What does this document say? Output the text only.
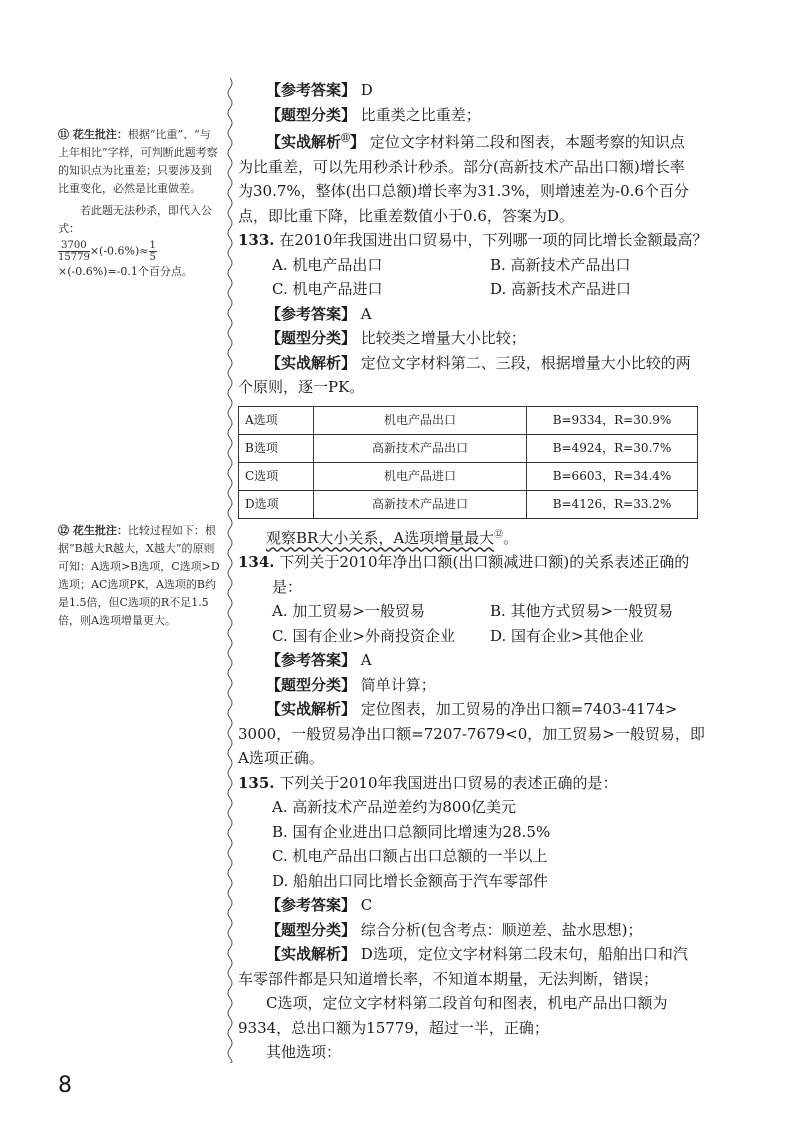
⑪ 花生批注：根据“比重”、“与上年相比”字样，可判断此题考察的知识点为比重差；只要涉及到比重变化，必然是比重做差。

若此题无法秒杀，即代入公式：

$\frac{3700}{15779} \times(-0.6\%)\approx \frac{1}{5}$

×(-0.6%)=-0.1个百分点。

⑫ 花生批注：比较过程如下：根据“B越大R越大，X越大”的原则可知：A选项>B选项，C选项>D选项；AC选项PK，A选项的B约是1.5倍，但C选项的R不足1.5倍，则A选项增量更大。

【参考答案】 D

【题型分类】 比重类之比重差；

【实战解析⑪】 定位文字材料第二段和图表，本题考察的知识点

为比重差，可以先用秒杀计秒杀。部分(高新技术产品出口额)增长率

为30.7%，整体(出口总额)增长率为31.3%，则增速差为-0.6个百分

点，即比重下降，比重差数值小于0.6，答案为D。

133. 在2010年我国进出口贸易中，下列哪一项的同比增长金额最高？

A. 机电产品出口	B. 高新技术产品出口

C. 机电产品进口	D. 高新技术产品进口

【参考答案】 A

【题型分类】 比较类之增量大小比较；

【实战解析】 定位文字材料第二、三段，根据增量大小比较的两

个原则，逐一PK。

A选项	机电产品出口	B=9334，R=30.9%
B选项	高新技术产品出口	B=4924，R=30.7%
C选项	机电产品进口	B=6603，R=34.4%
D选项	高新技术产品进口	B=4126，R=33.2%

观察BR大小关系，A选项增量最大⑫。

134. 下列关于2010年净出口额(出口额减进口额)的关系表述正确的

是：

A. 加工贸易>一般贸易	B. 其他方式贸易>一般贸易

C. 国有企业>外商投资企业	D. 国有企业>其他企业

【参考答案】 A

【题型分类】 简单计算；

【实战解析】 定位图表，加工贸易的净出口额=7403-4174>

3000，一般贸易净出口额=7207-7679<0，加工贸易>一般贸易，即

A选项正确。

135. 下列关于2010年我国进出口贸易的表述正确的是：

A. 高新技术产品逆差约为800亿美元

B. 国有企业进出口总额同比增速为28.5%

C. 机电产品出口额占出口总额的一半以上

D. 船舶出口同比增长金额高于汽车零部件

【参考答案】 C

【题型分类】 综合分析(包含考点：顺逆差、盐水思想)；

【实战解析】 D选项，定位文字材料第二段末句，船舶出口和汽

车零部件都是只知道增长率，不知道本期量，无法判断，错误；

C选项，定位文字材料第二段首句和图表，机电产品出口额为

9334，总出口额为15779，超过一半，正确；

其他选项：

8
